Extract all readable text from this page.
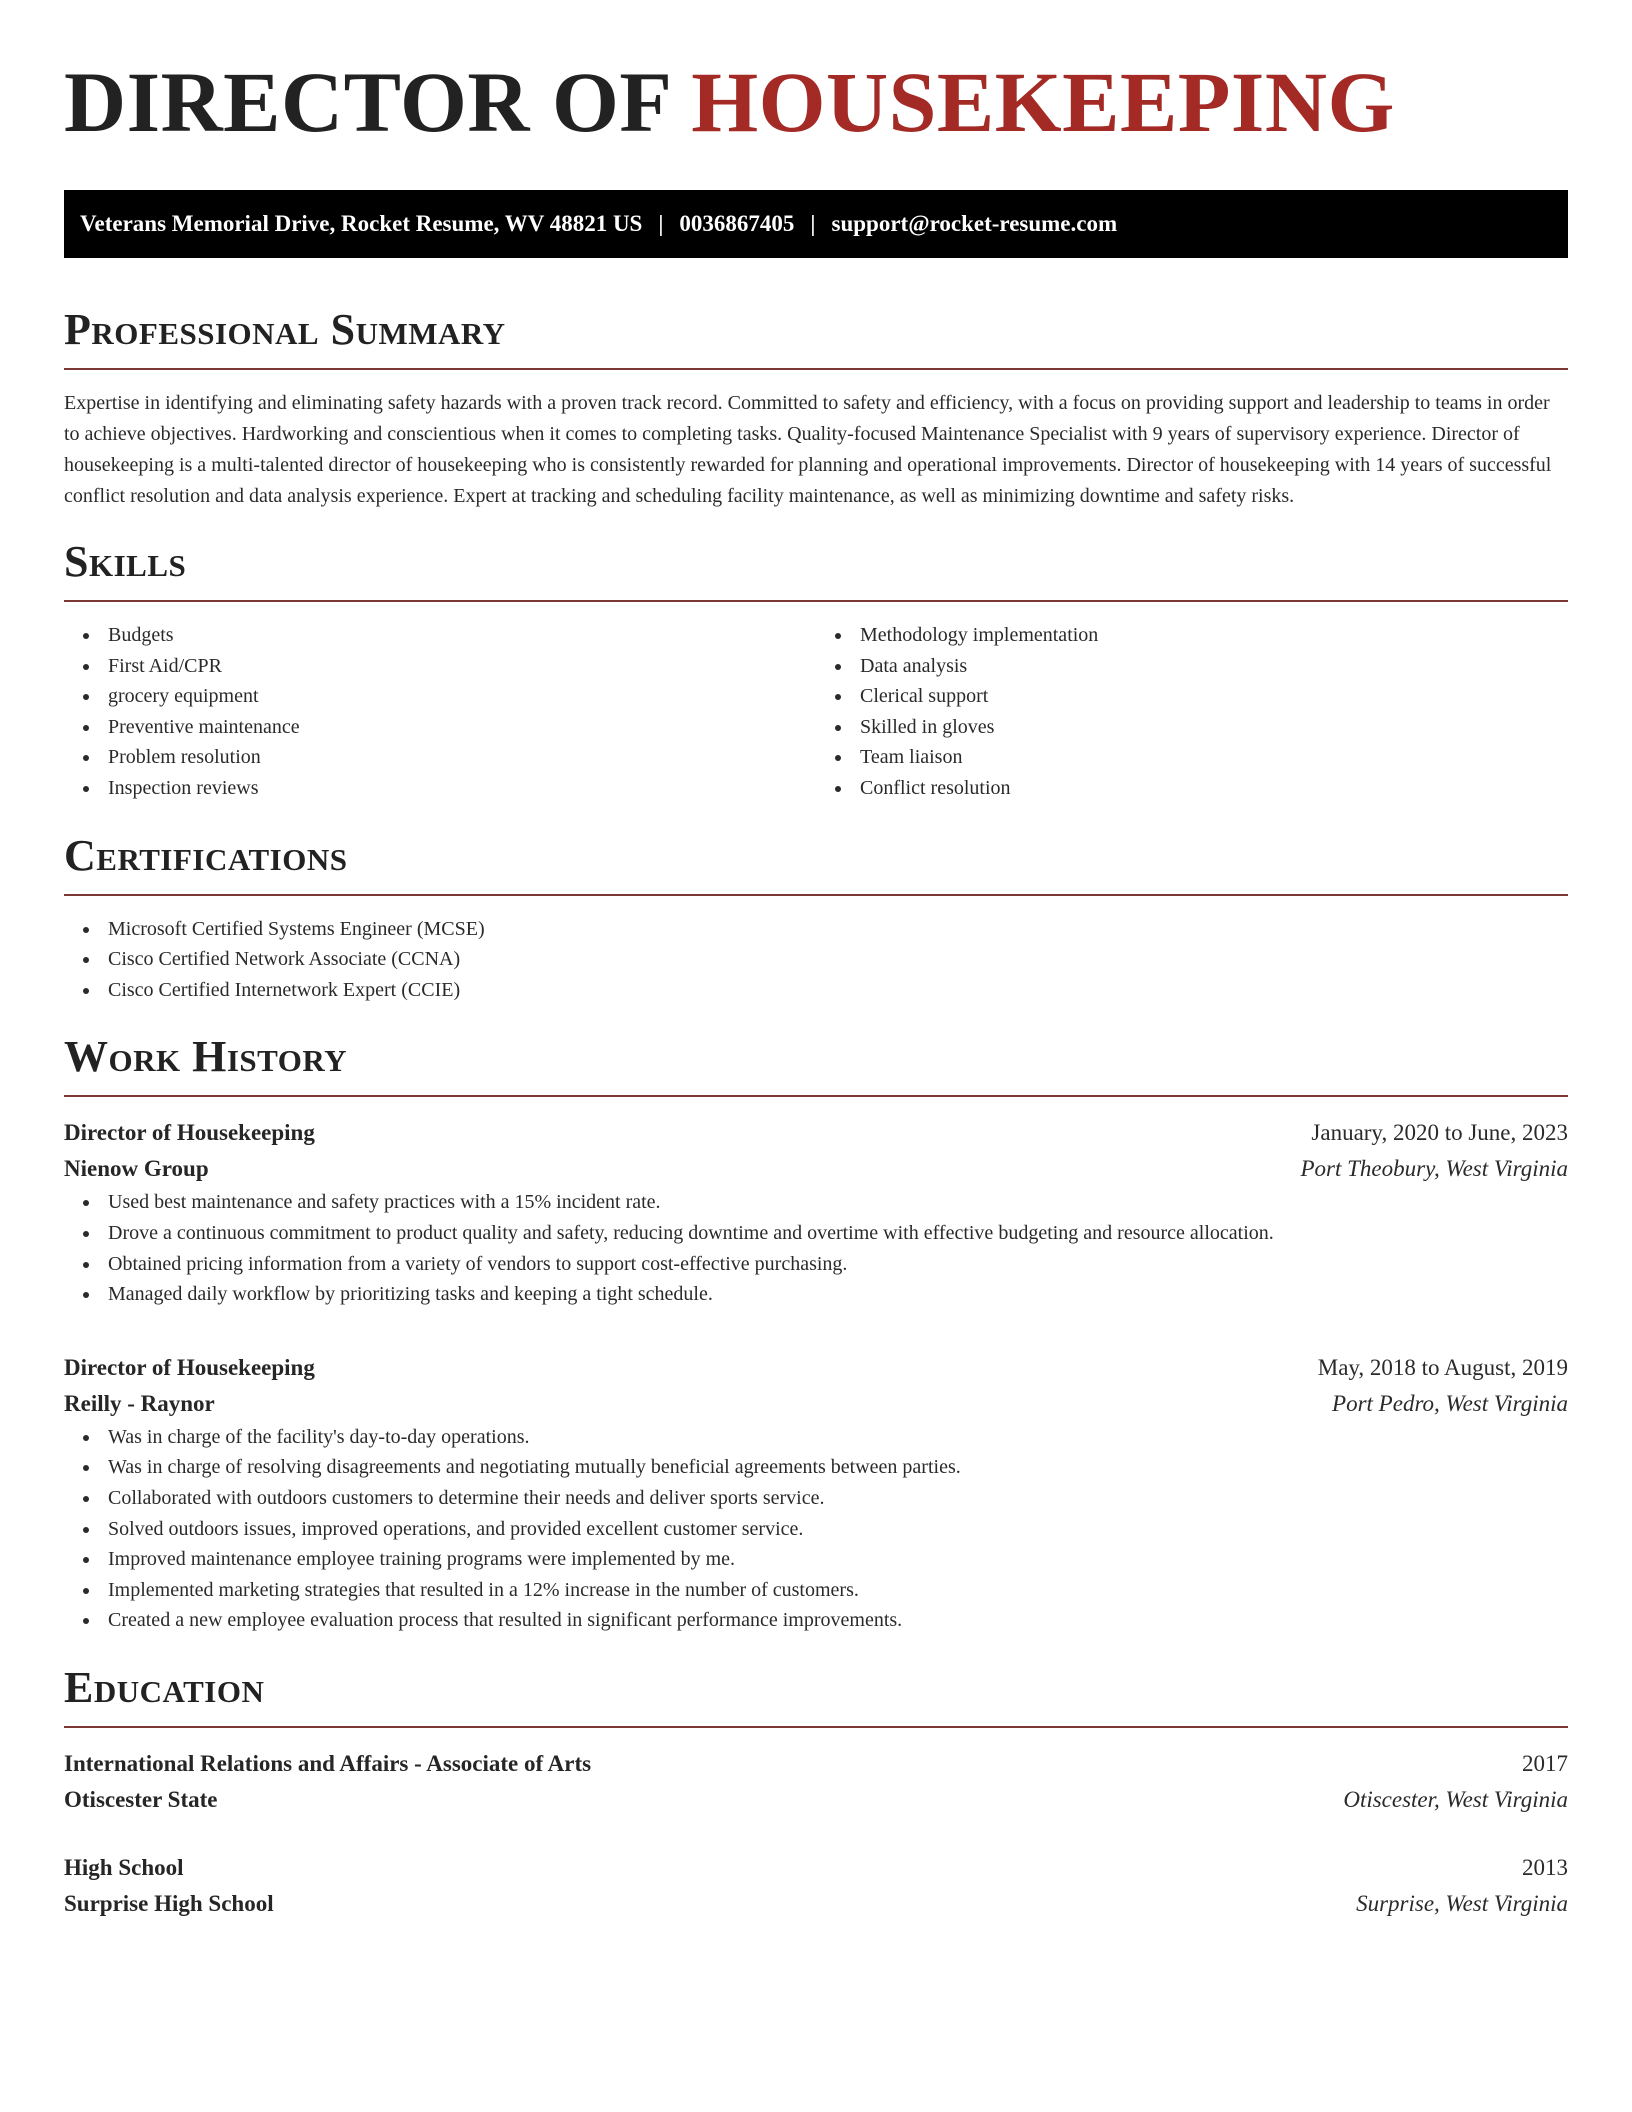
DIRECTOR OF HOUSEKEEPING
Veterans Memorial Drive, Rocket Resume, WV 48821 US | 0036867405 | support@rocket-resume.com
Professional Summary

Expertise in identifying and eliminating safety hazards with a proven track record. Committed to safety and efficiency, with a focus on providing support and leadership to teams in order to achieve objectives. Hardworking and conscientious when it comes to completing tasks. Quality-focused Maintenance Specialist with 9 years of supervisory experience. Director of housekeeping is a multi-talented director of housekeeping who is consistently rewarded for planning and operational improvements. Director of housekeeping with 14 years of successful conflict resolution and data analysis experience. Expert at tracking and scheduling facility maintenance, as well as minimizing downtime and safety risks.

Skills
Budgets
First Aid/CPR
grocery equipment
Preventive maintenance
Problem resolution
Inspection reviews
Methodology implementation
Data analysis
Clerical support
Skilled in gloves
Team liaison
Conflict resolution
Certifications
Microsoft Certified Systems Engineer (MCSE)
Cisco Certified Network Associate (CCNA)
Cisco Certified Internetwork Expert (CCIE)
Work History
Director of Housekeeping	January, 2020 to June, 2023
Nienow Group	Port Theobury, West Virginia
Used best maintenance and safety practices with a 15% incident rate.
Drove a continuous commitment to product quality and safety, reducing downtime and overtime with effective budgeting and resource allocation.
Obtained pricing information from a variety of vendors to support cost-effective purchasing.
Managed daily workflow by prioritizing tasks and keeping a tight schedule.
Director of Housekeeping	May, 2018 to August, 2019
Reilly - Raynor	Port Pedro, West Virginia
Was in charge of the facility's day-to-day operations.
Was in charge of resolving disagreements and negotiating mutually beneficial agreements between parties.
Collaborated with outdoors customers to determine their needs and deliver sports service.
Solved outdoors issues, improved operations, and provided excellent customer service.
Improved maintenance employee training programs were implemented by me.
Implemented marketing strategies that resulted in a 12% increase in the number of customers.
Created a new employee evaluation process that resulted in significant performance improvements.
Education
International Relations and Affairs - Associate of Arts	2017
Otiscester State	Otiscester, West Virginia
High School	2013
Surprise High School	Surprise, West Virginia
